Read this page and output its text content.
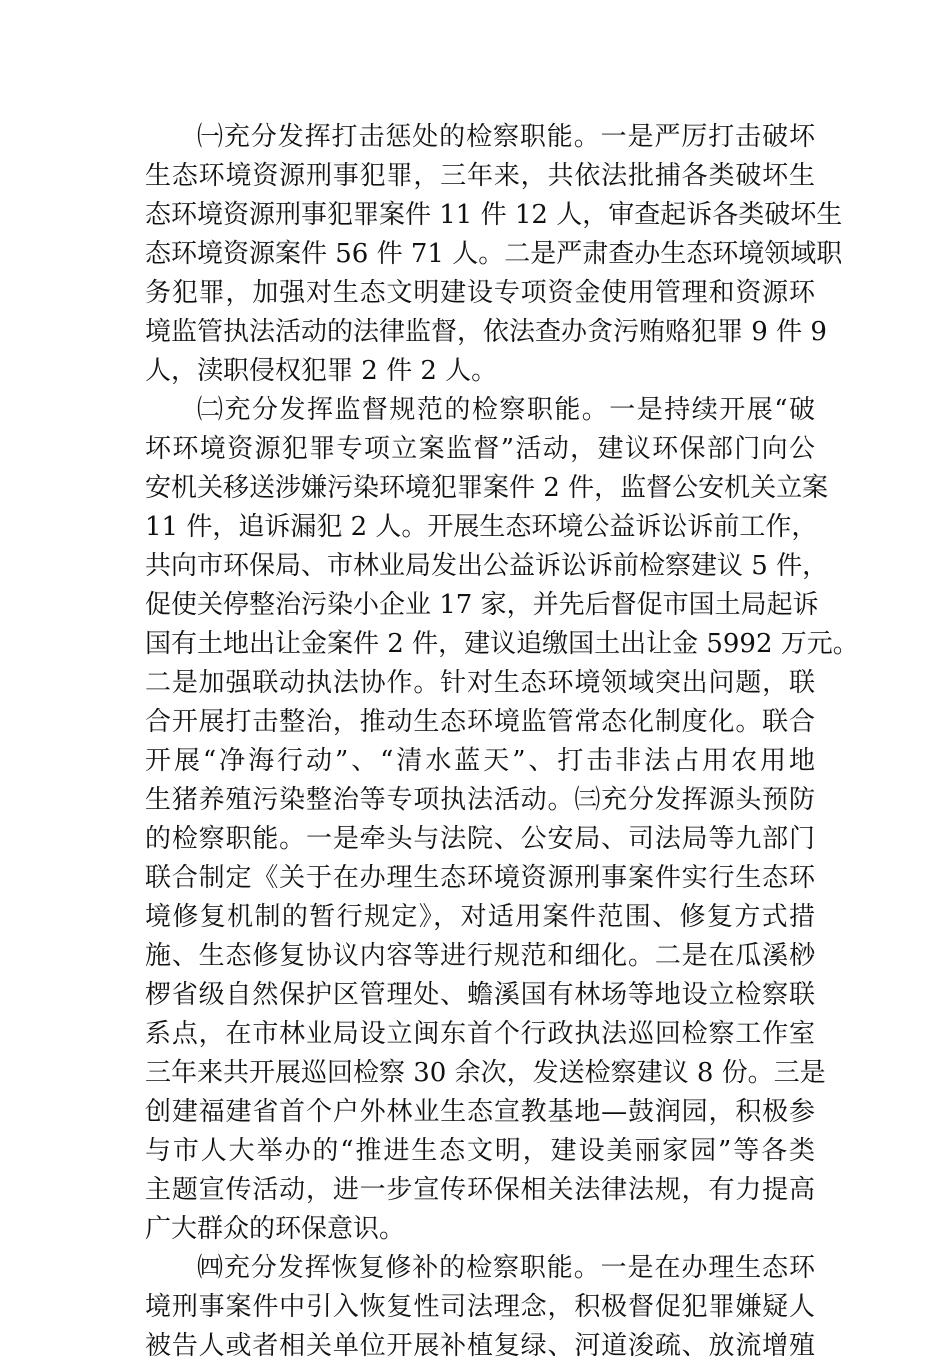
㈠充分发挥打击惩处的检察职能。一是严厉打击破坏
生态环境资源刑事犯罪，三年来，共依法批捕各类破坏生
态环境资源刑事犯罪案件 11 件 12 人，审查起诉各类破坏生
态环境资源案件 56 件 71 人。二是严肃查办生态环境领域职
务犯罪，加强对生态文明建设专项资金使用管理和资源环
境监管执法活动的法律监督，依法查办贪污贿赂犯罪 9 件 9
人，渎职侵权犯罪 2 件 2 人。
㈡充分发挥监督规范的检察职能。一是持续开展“破
坏环境资源犯罪专项立案监督”活动，建议环保部门向公
安机关移送涉嫌污染环境犯罪案件 2 件，监督公安机关立案
11 件，追诉漏犯 2 人。开展生态环境公益诉讼诉前工作，
共向市环保局、市林业局发出公益诉讼诉前检察建议 5 件，
促使关停整治污染小企业 17 家，并先后督促市国土局起诉
国有土地出让金案件 2 件，建议追缴国土出让金 5992 万元。
二是加强联动执法协作。针对生态环境领域突出问题，联
合开展打击整治，推动生态环境监管常态化制度化。联合
开展“净海行动”、“清水蓝天”、打击非法占用农用地
生猪养殖污染整治等专项执法活动。㈢充分发挥源头预防
的检察职能。一是牵头与法院、公安局、司法局等九部门
联合制定《关于在办理生态环境资源刑事案件实行生态环
境修复机制的暂行规定》，对适用案件范围、修复方式措
施、生态修复协议内容等进行规范和细化。二是在瓜溪桫
椤省级自然保护区管理处、蟾溪国有林场等地设立检察联
系点，在市林业局设立闽东首个行政执法巡回检察工作室
三年来共开展巡回检察 30 余次，发送检察建议 8 份。三是
创建福建省首个户外林业生态宣教基地—鼓润园，积极参
与市人大举办的“推进生态文明，建设美丽家园”等各类
主题宣传活动，进一步宣传环保相关法律法规，有力提高
广大群众的环保意识。
㈣充分发挥恢复修补的检察职能。一是在办理生态环
境刑事案件中引入恢复性司法理念，积极督促犯罪嫌疑人
被告人或者相关单位开展补植复绿、河道浚疏、放流增殖
